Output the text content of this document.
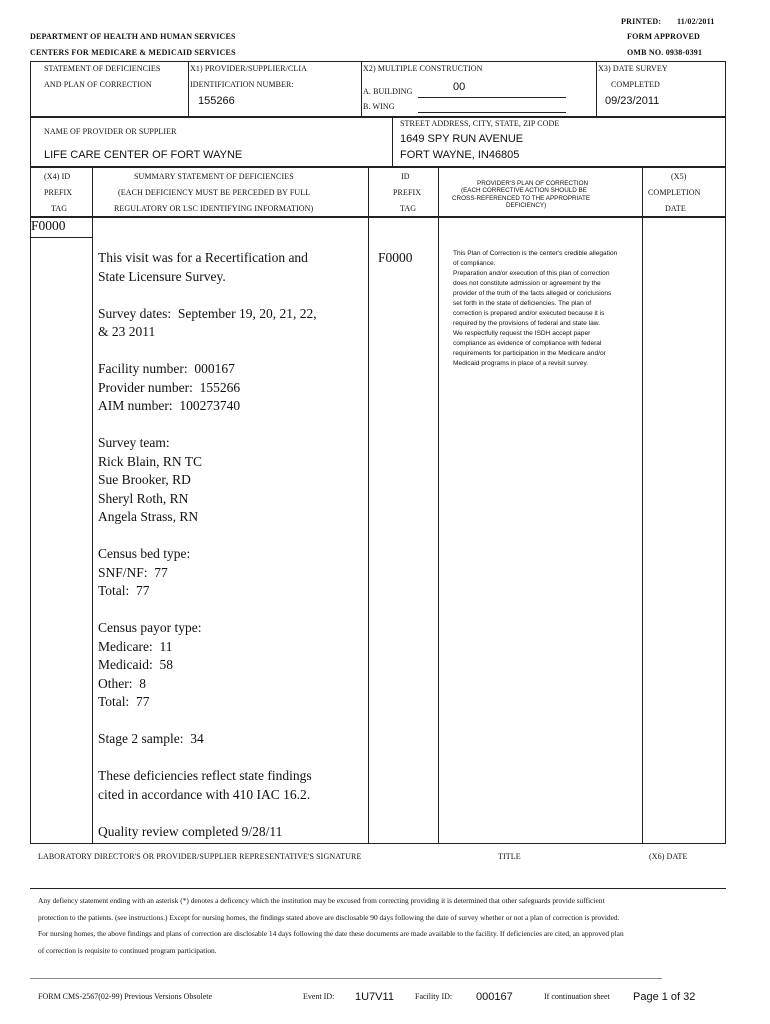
PRINTED: 11/02/2011
FORM APPROVED
OMB NO. 0938-0391
DEPARTMENT OF HEALTH AND HUMAN SERVICES
CENTERS FOR MEDICARE & MEDICAID SERVICES
STATEMENT OF DEFICIENCIES
AND PLAN OF CORRECTION
X1) PROVIDER/SUPPLIER/CLIA
IDENTIFICATION NUMBER:
155266
X2) MULTIPLE CONSTRUCTION
A. BUILDING	00
B. WING
X3) DATE SURVEY
COMPLETED
09/23/2011
NAME OF PROVIDER OR SUPPLIER
LIFE CARE CENTER OF FORT WAYNE
STREET ADDRESS, CITY, STATE, ZIP CODE
1649 SPY RUN AVENUE
FORT WAYNE, IN46805
(X4) ID
PREFIX
TAG
SUMMARY STATEMENT OF DEFICIENCIES
(EACH DEFICIENCY MUST BE PERCEDED BY FULL
REGULATORY OR LSC IDENTIFYING INFORMATION)
ID
PREFIX
TAG
PROVIDER'S PLAN OF CORRECTION
(EACH CORRECTIVE ACTION SHOULD BE
CROSS-REFERENCED TO THE APPROPRIATE
DEFICIENCY)
(X5)
COMPLETION
DATE
F0000
This visit was for a Recertification and
State Licensure Survey.

Survey dates:  September 19, 20, 21, 22,
& 23 2011

Facility number:  000167
Provider number:  155266
AIM number:  100273740

Survey team:
Rick Blain, RN TC
Sue Brooker, RD
Sheryl Roth, RN
Angela Strass, RN

Census bed type:
SNF/NF:  77
Total:  77

Census payor type:
Medicare:  11
Medicaid:  58
Other:  8
Total:  77

Stage 2 sample:  34

These deficiencies reflect state findings
cited in accordance with 410 IAC 16.2.

Quality review completed 9/28/11
F0000	This Plan of Correction is the center's credible allegation of compliance.
Preparation and/or execution of this plan of correction does not constitute admission or agreement by the provider of the truth of the facts alleged or conclusions set forth in the state of deficiencies. The plan of correction is prepared and/or executed because it is required by the provisions of federal and state law.
We respectfully request the ISDH accept paper compliance as evidence of compliance with federal requirements for participation in the Medicare and/or Medicaid programs in place of a revisit survey.
LABORATORY DIRECTOR'S OR PROVIDER/SUPPLIER REPRESENTATIVE'S SIGNATURE	TITLE	(X6) DATE
Any defiency statement ending with an asterisk (*) denotes a deficency which the institution may be excused from correcting providing it is determined that other safeguards provide sufficient protection to the patients. (see instructions.) Except for nursing homes, the findings stated above are disclosable 90 days following the date of survey whether or not a plan of correction is provided. For nursing homes, the above findings and plans of correction are disclosable 14 days following the date these documents are made available to the facility. If deficiencies are cited, an approved plan of correction is requisite to continued program participation.
FORM CMS-2567(02-99) Previous Versions Obsolete	Event ID: 1U7V11	Facility ID: 000167	If continuation sheet Page 1 of 32
